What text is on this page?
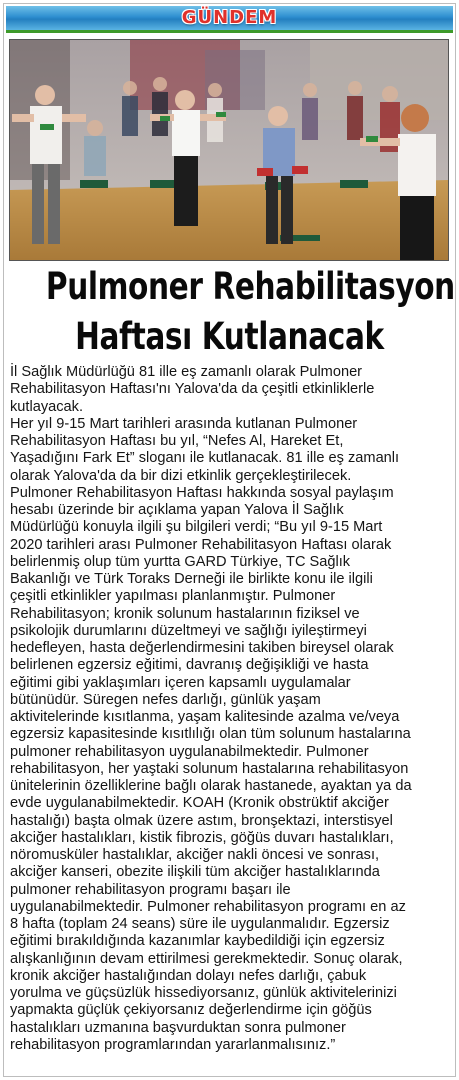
GÜNDEM
Pulmoner Rehabilitasyon
Haftası Kutlanacak

İl Sağlık Müdürlüğü 81 ille eş zamanlı olarak Pulmoner

Rehabilitasyon Haftası'nı Yalova'da da çeşitli etkinliklerle

kutlayacak.

Her yıl 9-15 Mart tarihleri arasında kutlanan Pulmoner

Rehabilitasyon Haftası bu yıl, “Nefes Al, Hareket Et,

Yaşadığını Fark Et” sloganı ile kutlanacak. 81 ille eş zamanlı

olarak Yalova'da da bir dizi etkinlik gerçekleştirilecek.

Pulmoner Rehabilitasyon Haftası hakkında sosyal paylaşım

hesabı üzerinde bir açıklama yapan Yalova İl Sağlık

Müdürlüğü konuyla ilgili şu bilgileri verdi; “Bu yıl 9-15 Mart

2020 tarihleri arası Pulmoner Rehabilitasyon Haftası olarak

belirlenmiş olup tüm yurtta GARD Türkiye, TC Sağlık

Bakanlığı ve Türk Toraks Derneği ile birlikte konu ile ilgili

çeşitli etkinlikler yapılması planlanmıştır. Pulmoner

Rehabilitasyon; kronik solunum hastalarının fiziksel ve

psikolojik durumlarını düzeltmeyi ve sağlığı iyileştirmeyi

hedefleyen, hasta değerlendirmesini takiben bireysel olarak

belirlenen egzersiz eğitimi, davranış değişikliği ve hasta

eğitimi gibi yaklaşımları içeren kapsamlı uygulamalar

bütünüdür. Süregen nefes darlığı, günlük yaşam

aktivitelerinde kısıtlanma, yaşam kalitesinde azalma ve/veya

egzersiz kapasitesinde kısıtlılığı olan tüm solunum hastalarına

pulmoner rehabilitasyon uygulanabilmektedir. Pulmoner

rehabilitasyon, her yaştaki solunum hastalarına rehabilitasyon

ünitelerinin özelliklerine bağlı olarak hastanede, ayaktan ya da

evde uygulanabilmektedir. KOAH (Kronik obstrüktif akciğer

hastalığı) başta olmak üzere astım, bronşektazi, interstisyel

akciğer hastalıkları, kistik fibrozis, göğüs duvarı hastalıkları,

nöromusküler hastalıklar, akciğer nakli öncesi ve sonrası,

akciğer kanseri, obezite ilişkili tüm akciğer hastalıklarında

pulmoner rehabilitasyon programı başarı ile

uygulanabilmektedir. Pulmoner rehabilitasyon programı en az

8 hafta (toplam 24 seans) süre ile uygulanmalıdır. Egzersiz

eğitimi bırakıldığında kazanımlar kaybedildiği için egzersiz

alışkanlığının devam ettirilmesi gerekmektedir. Sonuç olarak,

kronik akciğer hastalığından dolayı nefes darlığı, çabuk

yorulma ve güçsüzlük hissediyorsanız, günlük aktivitelerinizi

yapmakta güçlük çekiyorsanız değerlendirme için göğüs

hastalıkları uzmanına başvurduktan sonra pulmoner

rehabilitasyon programlarından yararlanmalısınız.”
